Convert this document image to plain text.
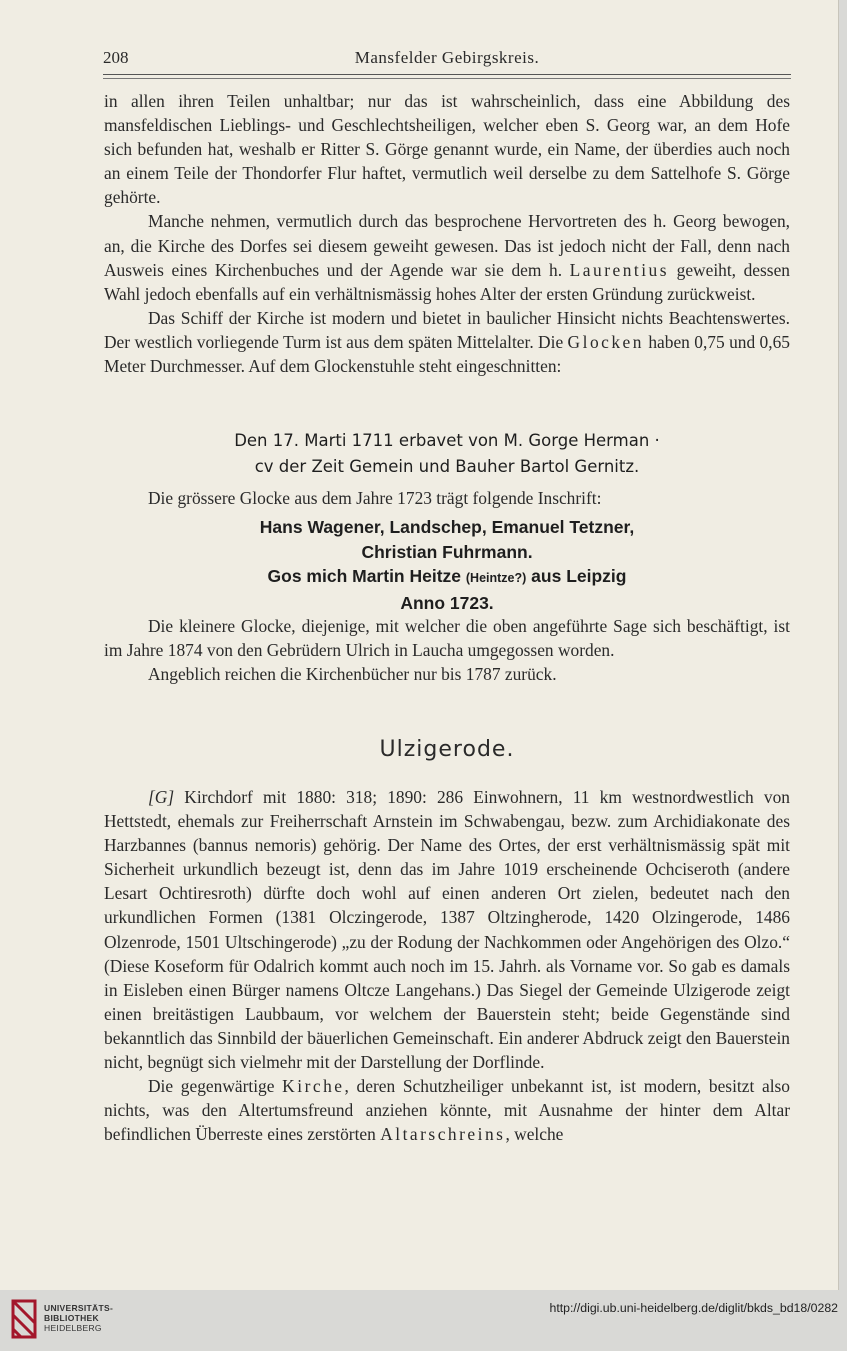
208	Mansfelder Gebirgskreis.

in allen ihren Teilen unhaltbar; nur das ist wahrscheinlich, dass eine Abbildung des mansfeldischen Lieblings- und Geschlechtsheiligen, welcher eben S. Georg war, an dem Hofe sich befunden hat, weshalb er Ritter S. Görge genannt wurde, ein Name, der überdies auch noch an einem Teile der Thondorfer Flur haftet, vermutlich weil derselbe zu dem Sattelhofe S. Görge gehörte.

Manche nehmen, vermutlich durch das besprochene Hervortreten des h. Georg bewogen, an, die Kirche des Dorfes sei diesem geweiht gewesen. Das ist jedoch nicht der Fall, denn nach Ausweis eines Kirchenbuches und der Agende war sie dem h. Laurentius geweiht, dessen Wahl jedoch ebenfalls auf ein verhältnismässig hohes Alter der ersten Gründung zurückweist.

Das Schiff der Kirche ist modern und bietet in baulicher Hinsicht nichts Beachtenswertes. Der westlich vorliegende Turm ist aus dem späten Mittelalter. Die Glocken haben 0,75 und 0,65 Meter Durchmesser. Auf dem Glockenstuhle steht eingeschnitten:

Den 17. Marti 1711 erbavet von M. Gorge Herman ·
cv der Zeit Gemein und Bauher Bartol Gernitz.

Die grössere Glocke aus dem Jahre 1723 trägt folgende Inschrift:

Hans Wagener, Landschep, Emanuel Tetzner,
Christian Fuhrmann.
Gos mich Martin Heitze (Heintze?) aus Leipzig
Anno 1723.

Die kleinere Glocke, diejenige, mit welcher die oben angeführte Sage sich beschäftigt, ist im Jahre 1874 von den Gebrüdern Ulrich in Laucha umgegossen worden.

Angeblich reichen die Kirchenbücher nur bis 1787 zurück.

Ulzigerode.

[G] Kirchdorf mit 1880: 318; 1890: 286 Einwohnern, 11 km westnordwestlich von Hettstedt, ehemals zur Freiherrschaft Arnstein im Schwabengau, bezw. zum Archidiakonate des Harzbannes (bannus nemoris) gehörig. Der Name des Ortes, der erst verhältnismässig spät mit Sicherheit urkundlich bezeugt ist, denn das im Jahre 1019 erscheinende Ochciseroth (andere Lesart Ochtiresroth) dürfte doch wohl auf einen anderen Ort zielen, bedeutet nach den urkundlichen Formen (1381 Olczingerode, 1387 Oltzingherode, 1420 Olzingerode, 1486 Olzenrode, 1501 Ultschingerode) „zu der Rodung der Nachkommen oder Angehörigen des Olzo.“ (Diese Koseform für Odalrich kommt auch noch im 15. Jahrh. als Vorname vor. So gab es damals in Eisleben einen Bürger namens Oltcze Langehans.) Das Siegel der Gemeinde Ulzigerode zeigt einen breitästigen Laubbaum, vor welchem der Bauerstein steht; beide Gegenstände sind bekanntlich das Sinnbild der bäuerlichen Gemeinschaft. Ein anderer Abdruck zeigt den Bauerstein nicht, begnügt sich vielmehr mit der Darstellung der Dorflinde.

Die gegenwärtige Kirche, deren Schutzheiliger unbekannt ist, ist modern, besitzt also nichts, was den Altertumsfreund anziehen könnte, mit Ausnahme der hinter dem Altar befindlichen Überreste eines zerstörten Altarschreins, welche

UNIVERSITÄTS-
BIBLIOTHEK
HEIDELBERG
http://digi.ub.uni-heidelberg.de/diglit/bkds_bd18/0282
